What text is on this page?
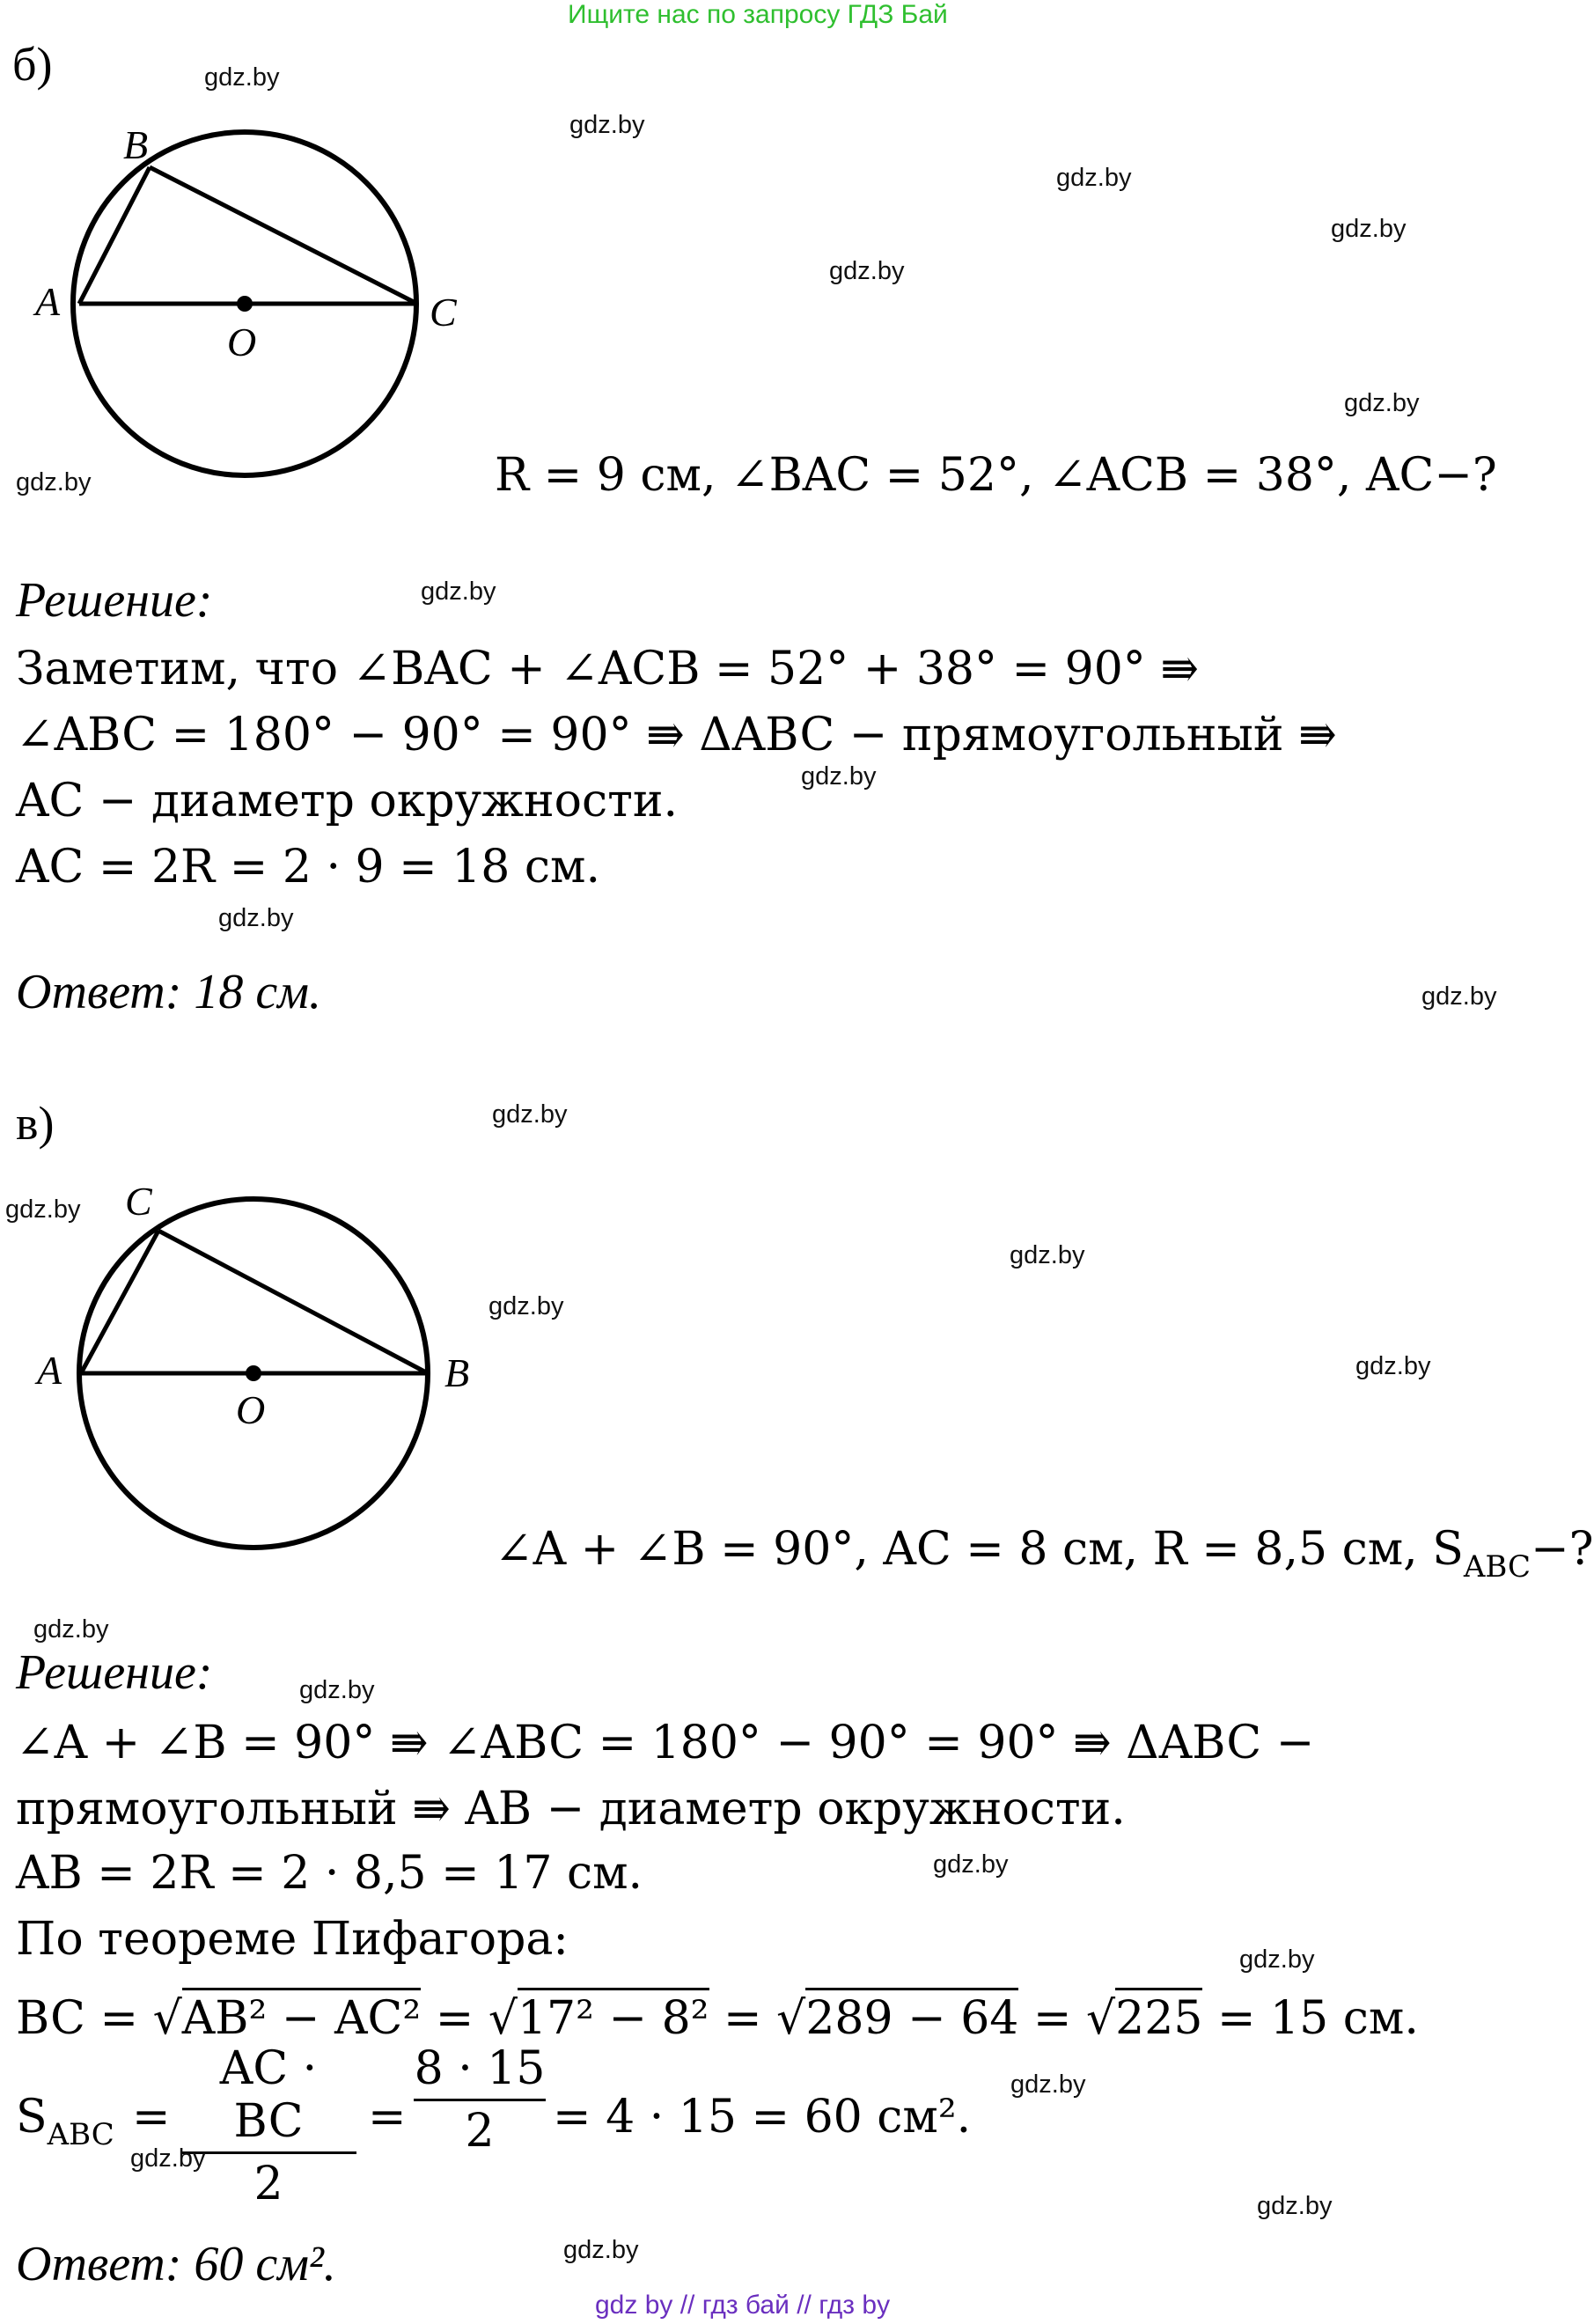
Ищите нас по запросу ГДЗ Бай
б)
B
A
O
C
R = 9 см, ∠BAC = 52°, ∠ACB = 38°, AC−?
Решение:
Заметим, что ∠BAC + ∠ACB = 52° + 38° = 90° ⇛
∠ABC = 180° − 90° = 90° ⇛ ΔABC − прямоугольный ⇛
AC − диаметр окружности.
AC = 2R = 2 · 9 = 18 см.
Ответ: 18 см.
в)
C
A
O
B
∠A + ∠B = 90°, AC = 8 см, R = 8,5 см, $S_{ABC}-$?
Решение:
∠A + ∠B = 90° ⇛ ∠ABC = 180° − 90° = 90° ⇛ ΔABC −
прямоугольный ⇛ AB − диаметр окружности.
AB = 2R = 2 · 8,5 = 17 см.
По теореме Пифагора:
BC = √AB² − AC² = √17² − 8² = √289 − 64 = √225 = 15 см.
$S_{ABC}$ =
AC · BC
2
=
8 · 15
2	= 4 · 15 = 60 см².
Ответ: 60 см².
gdz by // гдз бай // гдз by
gdz.by
gdz.by
gdz.by
gdz.by
gdz.by
gdz.by
gdz.by
gdz.by
gdz.by
gdz.by
gdz.by
gdz.by
gdz.by
gdz.by
gdz.by
gdz.by
gdz.by
gdz.by
gdz.by
gdz.by
gdz.by
gdz.by
gdz.by
gdz.by
